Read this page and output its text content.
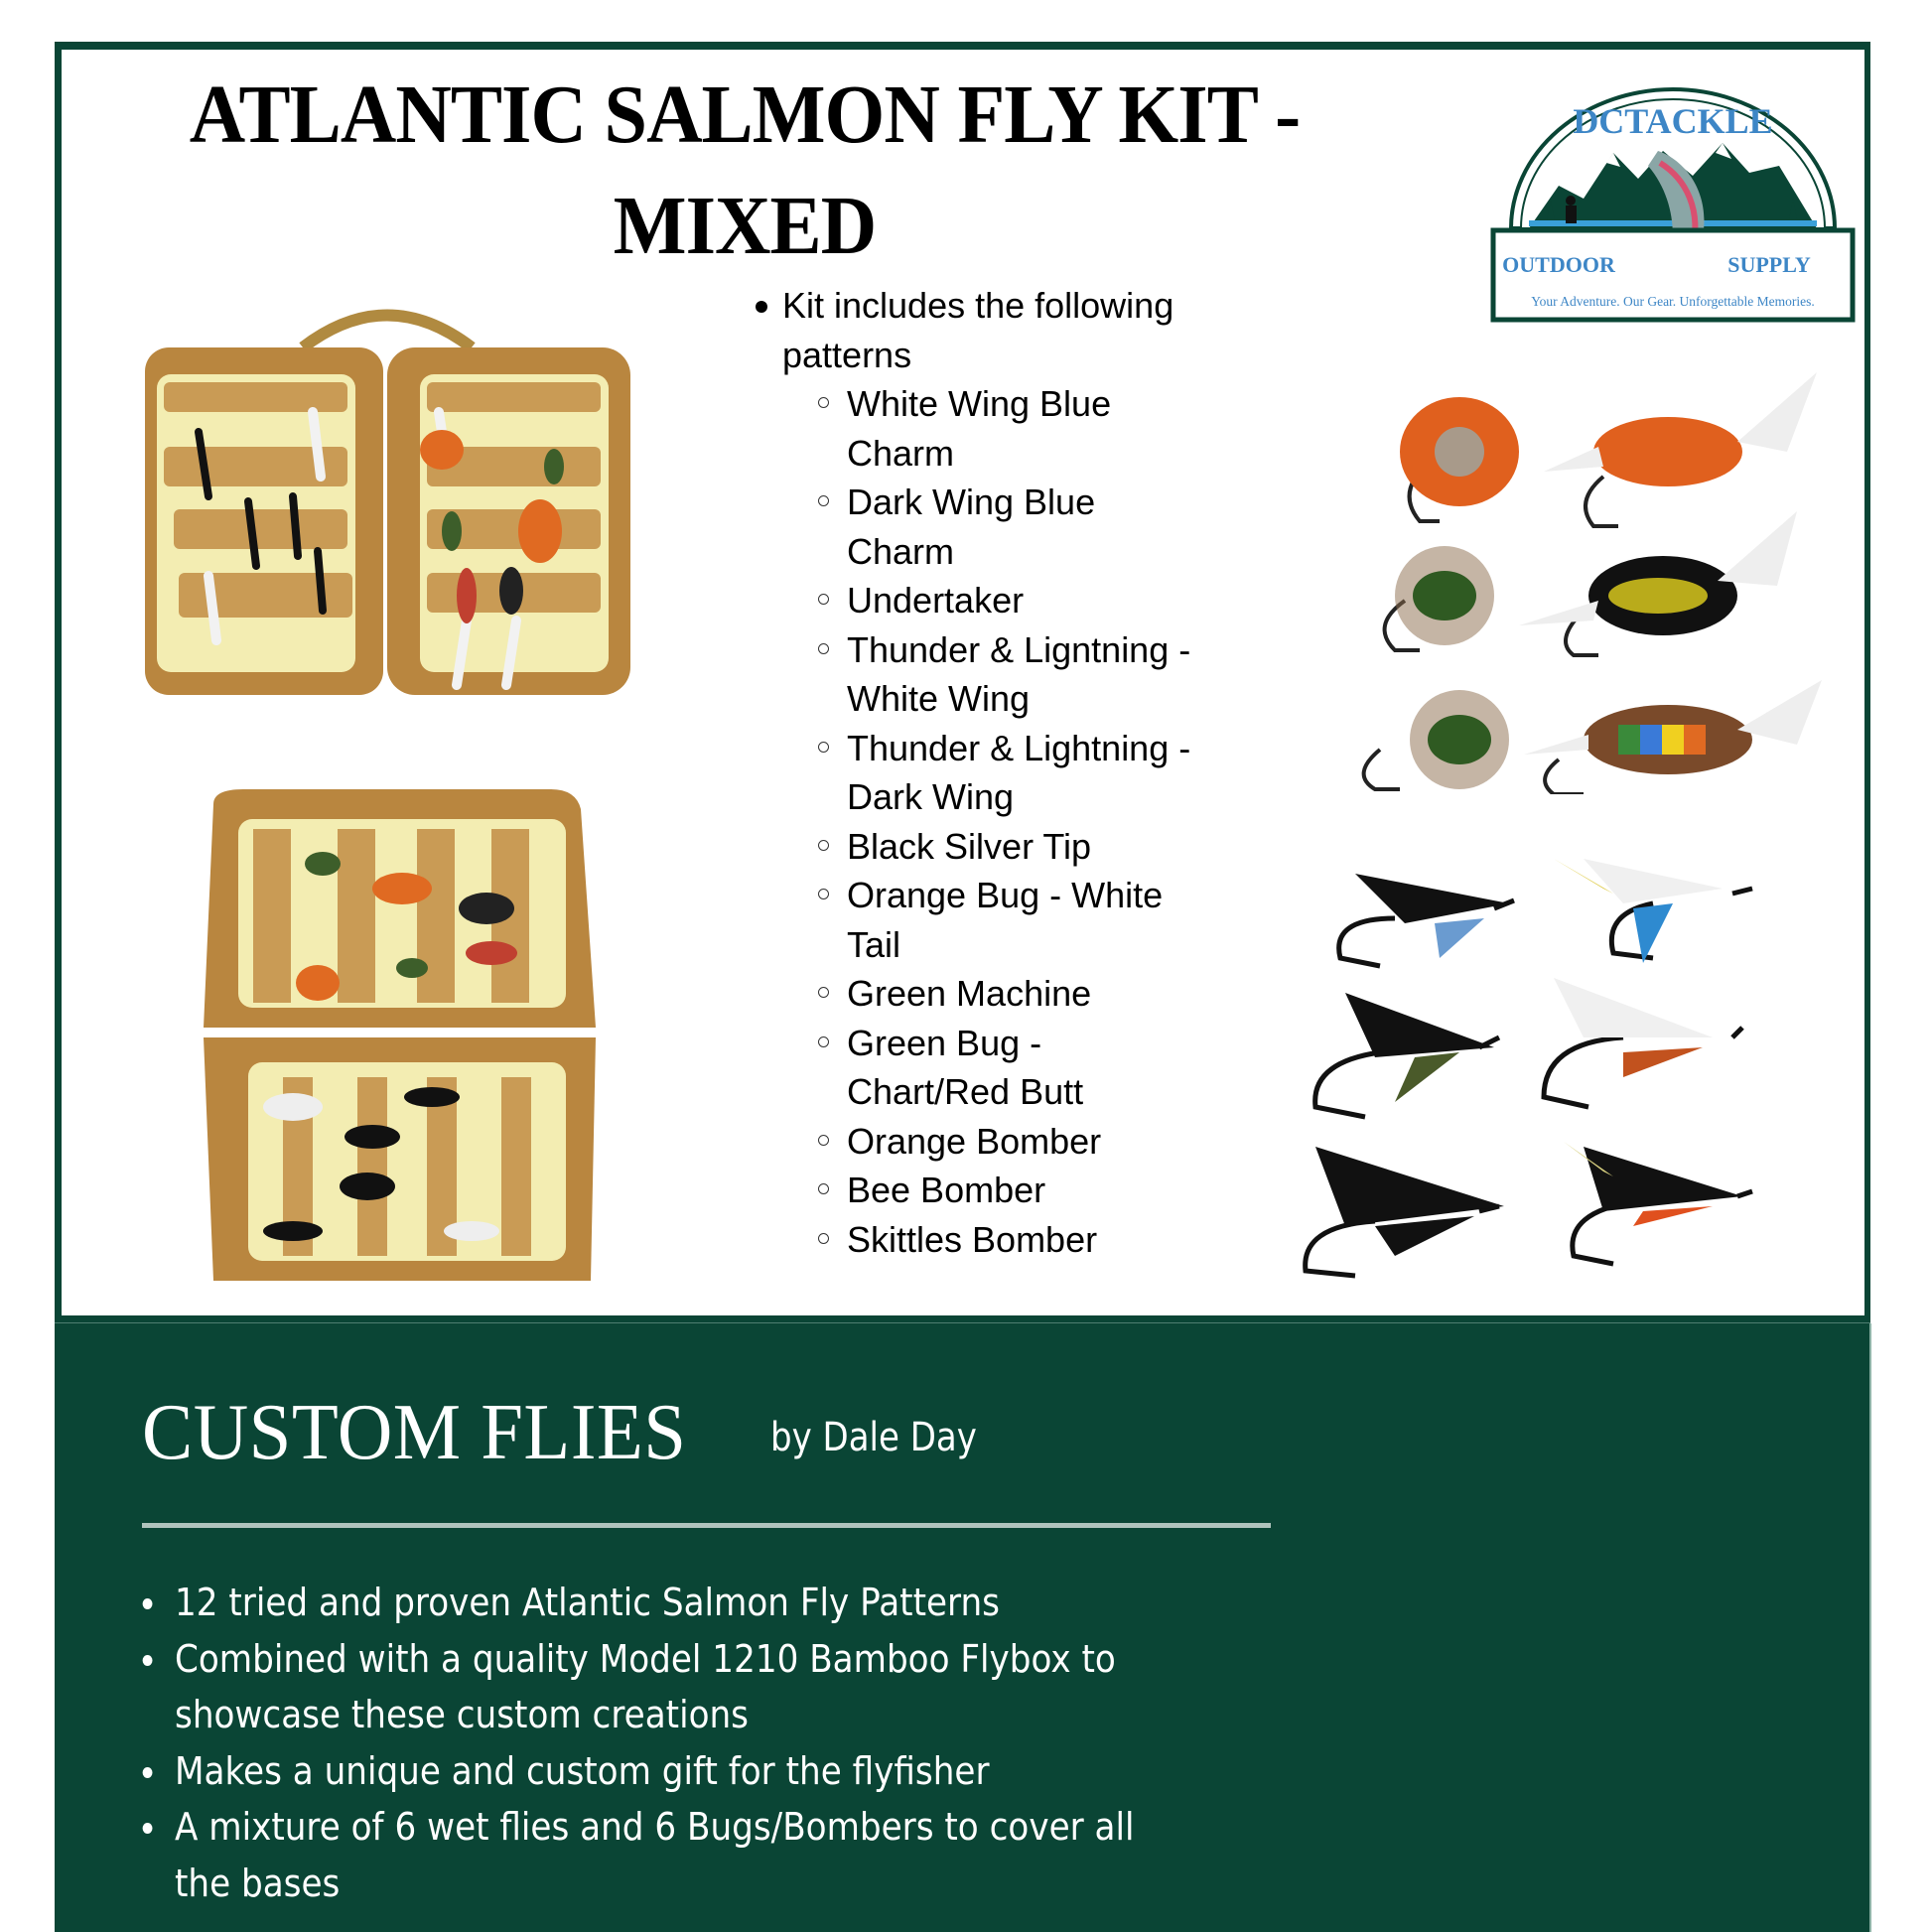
ATLANTIC SALMON FLY KIT -
MIXED
DCTACKLE
OUTDOOR	SUPPLY
Your Adventure. Our Gear. Unforgettable Memories.
Kit includes the following
patterns
White Wing Blue
Charm
Dark Wing Blue
Charm
Undertaker
Thunder & Ligntning -
White Wing
Thunder & Lightning -
Dark Wing
Black Silver Tip
Orange Bug - White
Tail
Green Machine
Green Bug -
Chart/Red Butt
Orange Bomber
Bee Bomber
Skittles Bomber
CUSTOM FLIES by Dale Day
12 tried and proven Atlantic Salmon Fly Patterns
Combined with a quality Model 1210 Bamboo Flybox to showcase these custom creations
Makes a unique and custom gift for the flyfisher
A mixture of 6 wet flies and 6 Bugs/Bombers to cover all the bases
